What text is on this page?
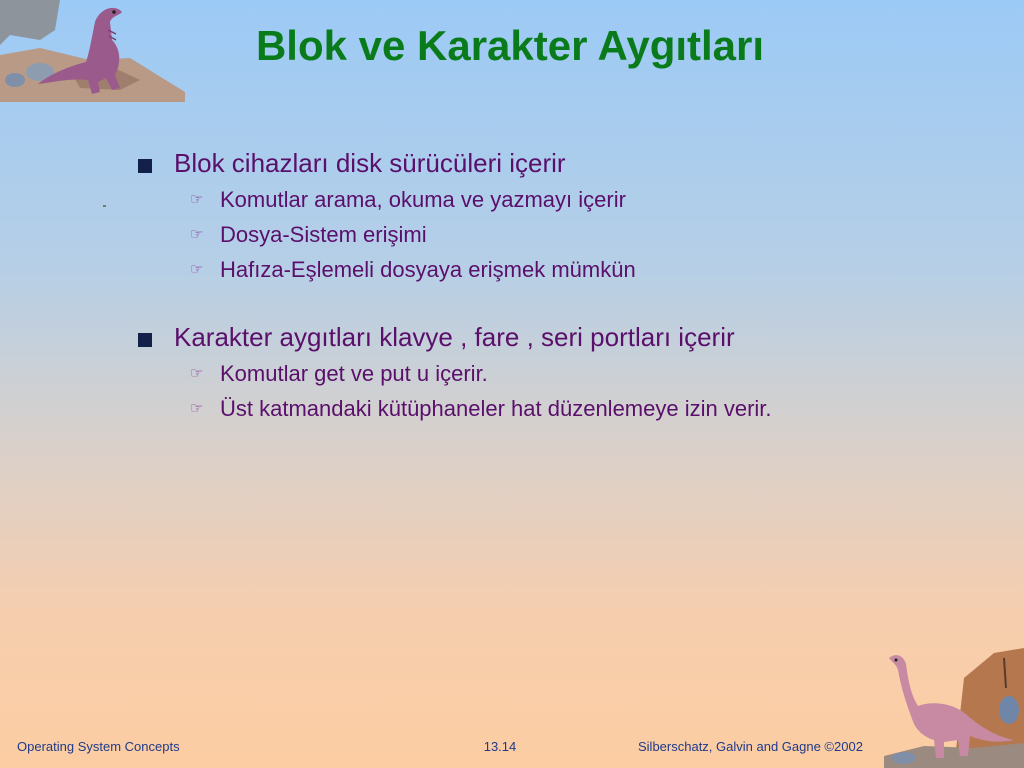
Blok ve Karakter Aygıtları
Blok cihazları disk sürücüleri içerir
☞ Komutlar arama, okuma ve yazmayı içerir
☞ Dosya-Sistem erişimi
☞ Hafıza-Eşlemeli dosyaya erişmek mümkün
Karakter aygıtları klavye , fare , seri portları içerir
☞ Komutlar get ve put u içerir.
☞ Üst katmandaki kütüphaneler hat düzenlemeye izin verir.
Operating System Concepts	13.14	Silberschatz, Galvin and Gagne ©2002
